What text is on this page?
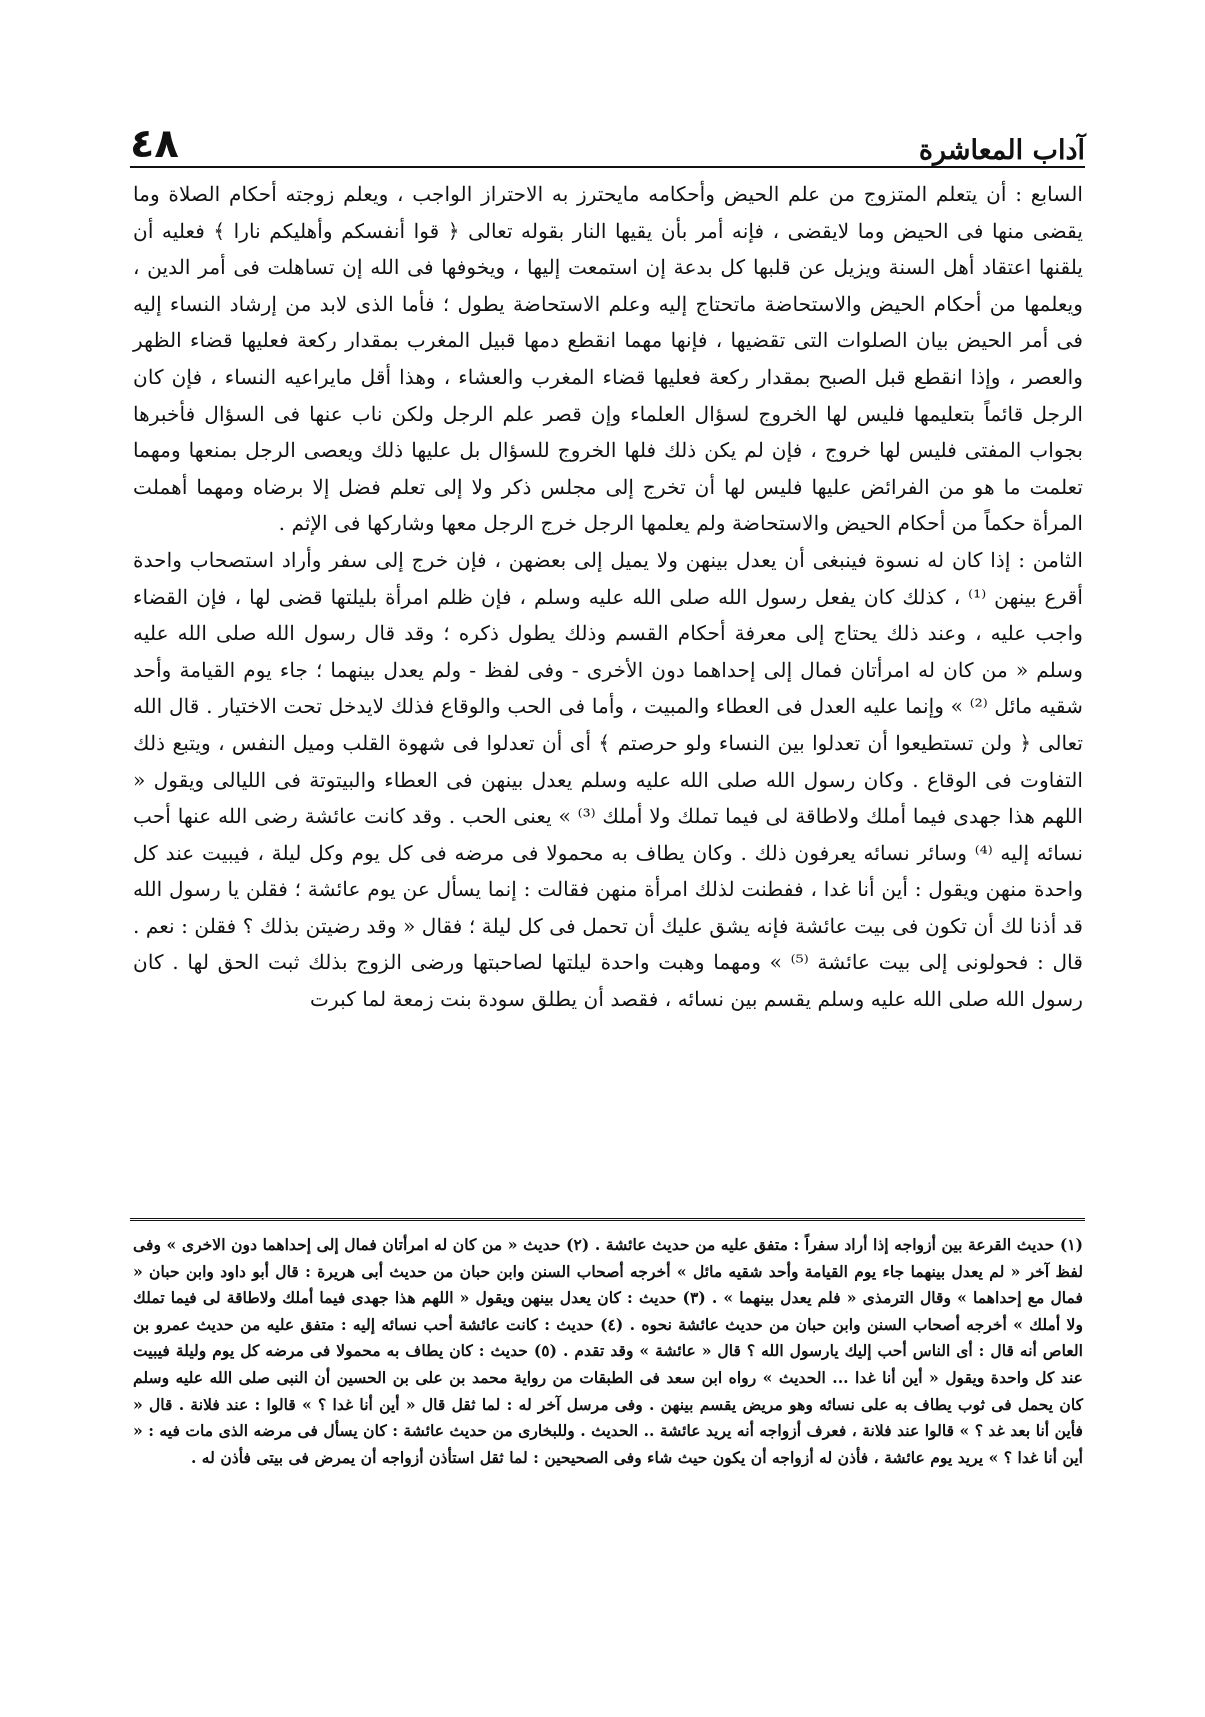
آداب المعاشرة
٤٨

السابع : أن يتعلم المتزوج من علم الحيض وأحكامه مايحترز به الاحتراز الواجب ، ويعلم زوجته أحكام الصلاة وما يقضى منها فى الحيض وما لايقضى ، فإنه أمر بأن يقيها النار بقوله تعالى ﴿ قوا أنفسكم وأهليكم نارا ﴾ فعليه أن يلقنها اعتقاد أهل السنة ويزيل عن قلبها كل بدعة إن استمعت إليها ، ويخوفها فى الله إن تساهلت فى أمر الدين ، ويعلمها من أحكام الحيض والاستحاضة ماتحتاج إليه وعلم الاستحاضة يطول ؛ فأما الذى لابد من إرشاد النساء إليه فى أمر الحيض بيان الصلوات التى تقضيها ، فإنها مهما انقطع دمها قبيل المغرب بمقدار ركعة فعليها قضاء الظهر والعصر ، وإذا انقطع قبل الصبح بمقدار ركعة فعليها قضاء المغرب والعشاء ، وهذا أقل مايراعيه النساء ، فإن كان الرجل قائماً بتعليمها فليس لها الخروج لسؤال العلماء وإن قصر علم الرجل ولكن ناب عنها فى السؤال فأخبرها بجواب المفتى فليس لها خروج ، فإن لم يكن ذلك فلها الخروج للسؤال بل عليها ذلك ويعصى الرجل بمنعها ومهما تعلمت ما هو من الفرائض عليها فليس لها أن تخرج إلى مجلس ذكر ولا إلى تعلم فضل إلا برضاه ومهما أهملت المرأة حكماً من أحكام الحيض والاستحاضة ولم يعلمها الرجل خرج الرجل معها وشاركها فى الإثم .

الثامن : إذا كان له نسوة فينبغى أن يعدل بينهن ولا يميل إلى بعضهن ، فإن خرج إلى سفر وأراد استصحاب واحدة أقرع بينهن ⁽¹⁾ ، كذلك كان يفعل رسول الله صلى الله عليه وسلم ، فإن ظلم امرأة بليلتها قضى لها ، فإن القضاء واجب عليه ، وعند ذلك يحتاج إلى معرفة أحكام القسم وذلك يطول ذكره ؛ وقد قال رسول الله صلى الله عليه وسلم « من كان له امرأتان فمال إلى إحداهما دون الأخرى - وفى لفظ - ولم يعدل بينهما ؛ جاء يوم القيامة وأحد شقيه مائل ⁽²⁾ » وإنما عليه العدل فى العطاء والمبيت ، وأما فى الحب والوقاع فذلك لايدخل تحت الاختيار . قال الله تعالى ﴿ ولن تستطيعوا أن تعدلوا بين النساء ولو حرصتم ﴾ أى أن تعدلوا فى شهوة القلب وميل النفس ، ويتبع ذلك التفاوت فى الوقاع . وكان رسول الله صلى الله عليه وسلم يعدل بينهن فى العطاء والبيتوتة فى الليالى ويقول « اللهم هذا جهدى فيما أملك ولاطاقة لى فيما تملك ولا أملك ⁽³⁾ » يعنى الحب . وقد كانت عائشة رضى الله عنها أحب نسائه إليه ⁽⁴⁾ وسائر نسائه يعرفون ذلك . وكان يطاف به محمولا فى مرضه فى كل يوم وكل ليلة ، فيبيت عند كل واحدة منهن ويقول : أين أنا غدا ، ففطنت لذلك امرأة منهن فقالت : إنما يسأل عن يوم عائشة ؛ فقلن يا رسول الله قد أذنا لك أن تكون فى بيت عائشة فإنه يشق عليك أن تحمل فى كل ليلة ؛ فقال « وقد رضيتن بذلك ؟ فقلن : نعم . قال : فحولونى إلى بيت عائشة ⁽⁵⁾ » ومهما وهبت واحدة ليلتها لصاحبتها ورضى الزوج بذلك ثبت الحق لها . كان رسول الله صلى الله عليه وسلم يقسم بين نسائه ، فقصد أن يطلق سودة بنت زمعة لما كبرت

(١) حديث القرعة بين أزواجه إذا أراد سفراً : متفق عليه من حديث عائشة . (٢) حديث « من كان له امرأتان فمال إلى إحداهما دون الاخرى » وفى لفظ آخر « لم يعدل بينهما جاء يوم القيامة وأحد شقيه مائل » أخرجه أصحاب السنن وابن حبان من حديث أبى هريرة : قال أبو داود وابن حبان « فمال مع إحداهما » وقال الترمذى « فلم يعدل بينهما » . (٣) حديث : كان يعدل بينهن ويقول « اللهم هذا جهدى فيما أملك ولاطاقة لى فيما تملك ولا أملك » أخرجه أصحاب السنن وابن حبان من حديث عائشة نحوه . (٤) حديث : كانت عائشة أحب نسائه إليه : متفق عليه من حديث عمرو بن العاص أنه قال : أى الناس أحب إليك يارسول الله ؟ قال « عائشة » وقد تقدم . (٥) حديث : كان يطاف به محمولا فى مرضه كل يوم وليلة فيبيت عند كل واحدة ويقول « أين أنا غدا ... الحديث » رواه ابن سعد فى الطبقات من رواية محمد بن على بن الحسين أن النبى صلى الله عليه وسلم كان يحمل فى ثوب يطاف به على نسائه وهو مريض يقسم بينهن . وفى مرسل آخر له : لما ثقل قال « أين أنا غدا ؟ » قالوا : عند فلانة . قال « فأين أنا بعد غد ؟ » قالوا عند فلانة ، فعرف أزواجه أنه يريد عائشة .. الحديث . وللبخارى من حديث عائشة : كان يسأل فى مرضه الذى مات فيه : « أين أنا غدا ؟ » يريد يوم عائشة ، فأذن له أزواجه أن يكون حيث شاء وفى الصحيحين : لما ثقل استأذن أزواجه أن يمرض فى بيتى فأذن له .
